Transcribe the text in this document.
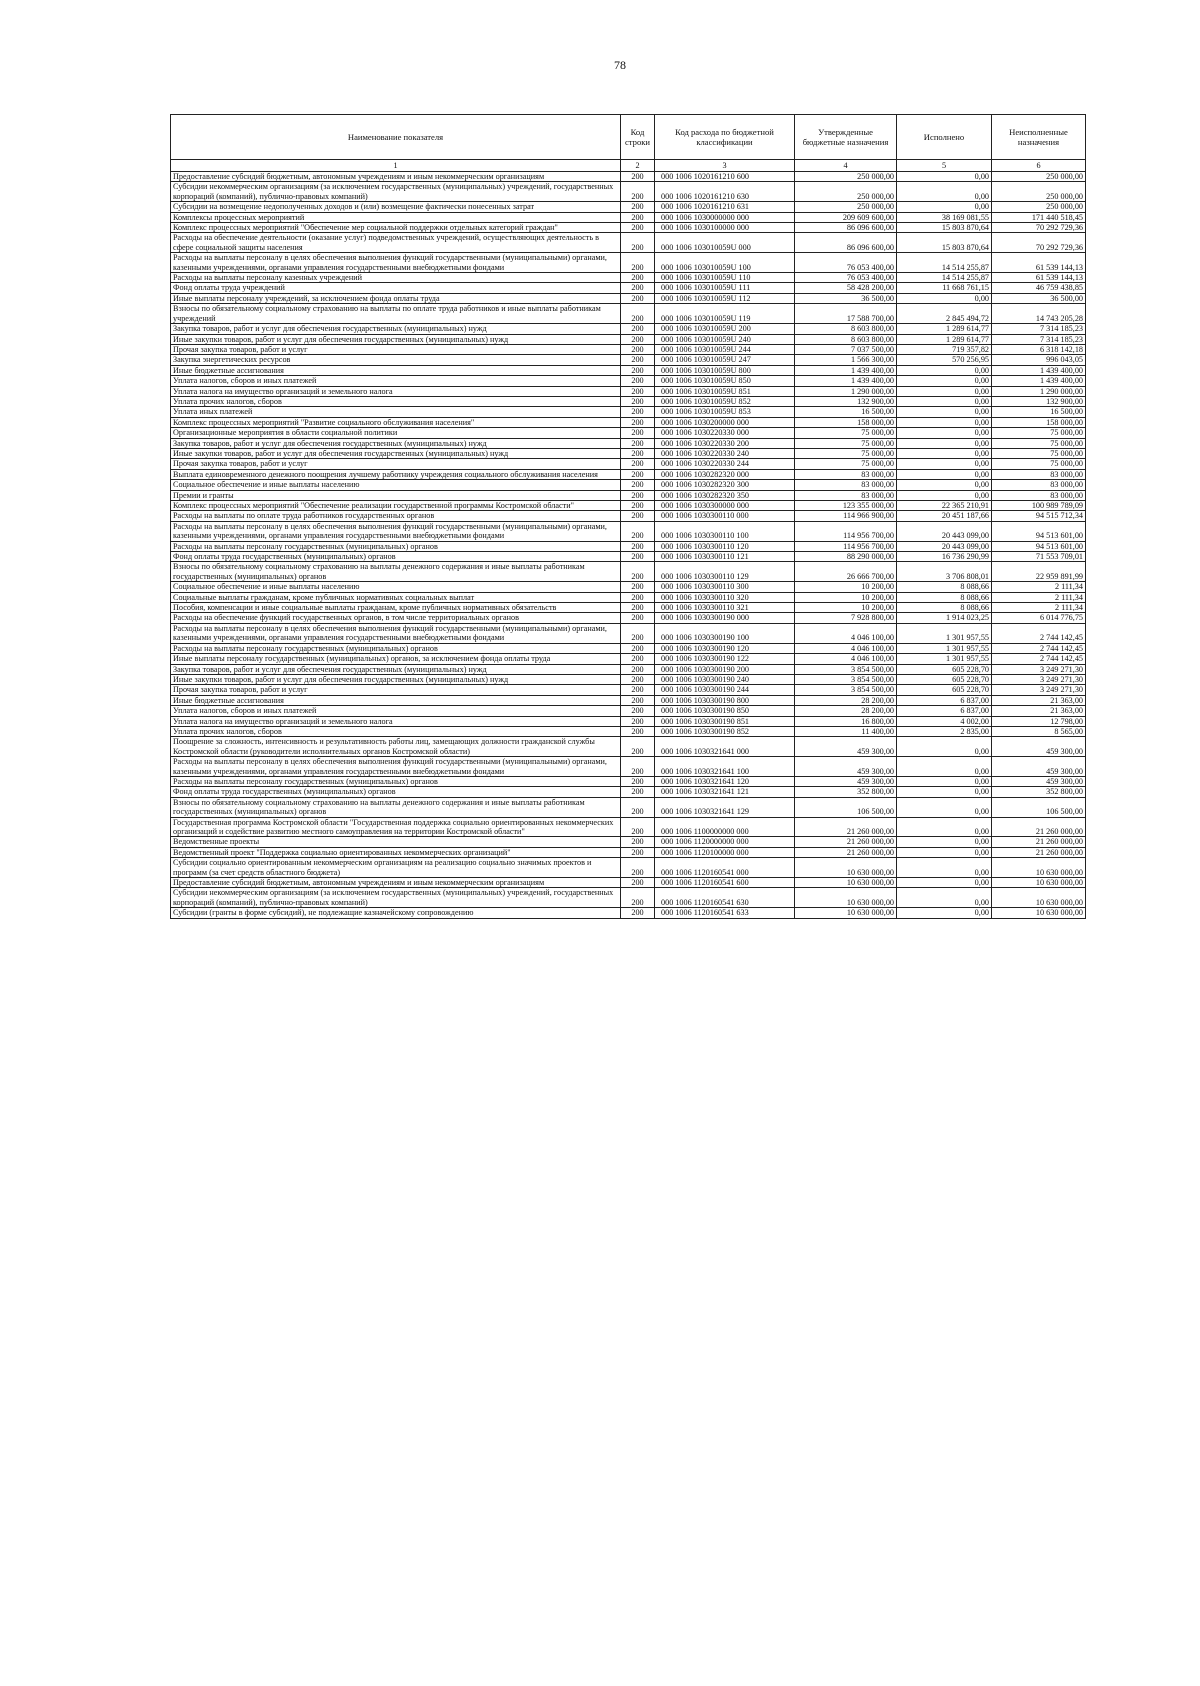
78
Наименование показателя	Код строки	Код расхода по бюджетной классификации	Утвержденные бюджетные назначения	Исполнено	Неисполненные назначения
1	2	3	4	5	6
Предоставление субсидий бюджетным, автономным учреждениям и иным некоммерческим организациям	200	000 1006 1020161210 600	250 000,00	0,00	250 000,00
Субсидии некоммерческим организациям (за исключением государственных (муниципальных) учреждений, государственных корпораций (компаний), публично-правовых компаний)	200	000 1006 1020161210 630	250 000,00	0,00	250 000,00
Субсидии на возмещение недополученных доходов и (или) возмещение фактически понесенных затрат	200	000 1006 1020161210 631	250 000,00	0,00	250 000,00
Комплексы процессных мероприятий	200	000 1006 1030000000 000	209 609 600,00	38 169 081,55	171 440 518,45
Комплекс процессных мероприятий "Обеспечение мер социальной поддержки отдельных категорий граждан"	200	000 1006 1030100000 000	86 096 600,00	15 803 870,64	70 292 729,36
Расходы на обеспечение деятельности (оказание услуг) подведомственных учреждений, осуществляющих деятельность в сфере социальной защиты населения	200	000 1006 103010059U 000	86 096 600,00	15 803 870,64	70 292 729,36
Расходы на выплаты персоналу в целях обеспечения выполнения функций государственными (муниципальными) органами, казенными учреждениями, органами управления государственными внебюджетными фондами	200	000 1006 103010059U 100	76 053 400,00	14 514 255,87	61 539 144,13
Расходы на выплаты персоналу казенных учреждений	200	000 1006 103010059U 110	76 053 400,00	14 514 255,87	61 539 144,13
Фонд оплаты труда учреждений	200	000 1006 103010059U 111	58 428 200,00	11 668 761,15	46 759 438,85
Иные выплаты персоналу учреждений, за исключением фонда оплаты труда	200	000 1006 103010059U 112	36 500,00	0,00	36 500,00
Взносы по обязательному социальному страхованию на выплаты по оплате труда работников и иные выплаты работникам учреждений	200	000 1006 103010059U 119	17 588 700,00	2 845 494,72	14 743 205,28
Закупка товаров, работ и услуг для обеспечения государственных (муниципальных) нужд	200	000 1006 103010059U 200	8 603 800,00	1 289 614,77	7 314 185,23
Иные закупки товаров, работ и услуг для обеспечения государственных (муниципальных) нужд	200	000 1006 103010059U 240	8 603 800,00	1 289 614,77	7 314 185,23
Прочая закупка товаров, работ и услуг	200	000 1006 103010059U 244	7 037 500,00	719 357,82	6 318 142,18
Закупка энергетических ресурсов	200	000 1006 103010059U 247	1 566 300,00	570 256,95	996 043,05
Иные бюджетные ассигнования	200	000 1006 103010059U 800	1 439 400,00	0,00	1 439 400,00
Уплата налогов, сборов и иных платежей	200	000 1006 103010059U 850	1 439 400,00	0,00	1 439 400,00
Уплата налога на имущество организаций и земельного налога	200	000 1006 103010059U 851	1 290 000,00	0,00	1 290 000,00
Уплата прочих налогов, сборов	200	000 1006 103010059U 852	132 900,00	0,00	132 900,00
Уплата иных платежей	200	000 1006 103010059U 853	16 500,00	0,00	16 500,00
Комплекс процессных мероприятий "Развитие социального обслуживания населения"	200	000 1006 1030200000 000	158 000,00	0,00	158 000,00
Организационные мероприятия в области социальной политики	200	000 1006 1030220330 000	75 000,00	0,00	75 000,00
Закупка товаров, работ и услуг для обеспечения государственных (муниципальных) нужд	200	000 1006 1030220330 200	75 000,00	0,00	75 000,00
Иные закупки товаров, работ и услуг для обеспечения государственных (муниципальных) нужд	200	000 1006 1030220330 240	75 000,00	0,00	75 000,00
Прочая закупка товаров, работ и услуг	200	000 1006 1030220330 244	75 000,00	0,00	75 000,00
Выплата единовременного денежного поощрения лучшему работнику учреждения социального обслуживания населения	200	000 1006 1030282320 000	83 000,00	0,00	83 000,00
Социальное обеспечение и иные выплаты населению	200	000 1006 1030282320 300	83 000,00	0,00	83 000,00
Премии и гранты	200	000 1006 1030282320 350	83 000,00	0,00	83 000,00
Комплекс процессных мероприятий "Обеспечение реализации государственной программы Костромской области"	200	000 1006 1030300000 000	123 355 000,00	22 365 210,91	100 989 789,09
Расходы на выплаты по оплате труда работников государственных органов	200	000 1006 1030300110 000	114 966 900,00	20 451 187,66	94 515 712,34
Расходы на выплаты персоналу в целях обеспечения выполнения функций государственными (муниципальными) органами, казенными учреждениями, органами управления государственными внебюджетными фондами	200	000 1006 1030300110 100	114 956 700,00	20 443 099,00	94 513 601,00
Расходы на выплаты персоналу государственных (муниципальных) органов	200	000 1006 1030300110 120	114 956 700,00	20 443 099,00	94 513 601,00
Фонд оплаты труда государственных (муниципальных) органов	200	000 1006 1030300110 121	88 290 000,00	16 736 290,99	71 553 709,01
Взносы по обязательному социальному страхованию на выплаты денежного содержания и иные выплаты работникам государственных (муниципальных) органов	200	000 1006 1030300110 129	26 666 700,00	3 706 808,01	22 959 891,99
Социальное обеспечение и иные выплаты населению	200	000 1006 1030300110 300	10 200,00	8 088,66	2 111,34
Социальные выплаты гражданам, кроме публичных нормативных социальных выплат	200	000 1006 1030300110 320	10 200,00	8 088,66	2 111,34
Пособия, компенсации и иные социальные выплаты гражданам, кроме публичных нормативных обязательств	200	000 1006 1030300110 321	10 200,00	8 088,66	2 111,34
Расходы на обеспечение функций государственных органов, в том числе территориальных органов	200	000 1006 1030300190 000	7 928 800,00	1 914 023,25	6 014 776,75
Расходы на выплаты персоналу в целях обеспечения выполнения функций государственными (муниципальными) органами, казенными учреждениями, органами управления государственными внебюджетными фондами	200	000 1006 1030300190 100	4 046 100,00	1 301 957,55	2 744 142,45
Расходы на выплаты персоналу государственных (муниципальных) органов	200	000 1006 1030300190 120	4 046 100,00	1 301 957,55	2 744 142,45
Иные выплаты персоналу государственных (муниципальных) органов, за исключением фонда оплаты труда	200	000 1006 1030300190 122	4 046 100,00	1 301 957,55	2 744 142,45
Закупка товаров, работ и услуг для обеспечения государственных (муниципальных) нужд	200	000 1006 1030300190 200	3 854 500,00	605 228,70	3 249 271,30
Иные закупки товаров, работ и услуг для обеспечения государственных (муниципальных) нужд	200	000 1006 1030300190 240	3 854 500,00	605 228,70	3 249 271,30
Прочая закупка товаров, работ и услуг	200	000 1006 1030300190 244	3 854 500,00	605 228,70	3 249 271,30
Иные бюджетные ассигнования	200	000 1006 1030300190 800	28 200,00	6 837,00	21 363,00
Уплата налогов, сборов и иных платежей	200	000 1006 1030300190 850	28 200,00	6 837,00	21 363,00
Уплата налога на имущество организаций и земельного налога	200	000 1006 1030300190 851	16 800,00	4 002,00	12 798,00
Уплата прочих налогов, сборов	200	000 1006 1030300190 852	11 400,00	2 835,00	8 565,00
Поощрение за сложность, интенсивность и результативность работы лиц, замещающих должности гражданской службы Костромской области (руководители исполнительных органов Костромской области)	200	000 1006 1030321641 000	459 300,00	0,00	459 300,00
Расходы на выплаты персоналу в целях обеспечения выполнения функций государственными (муниципальными) органами, казенными учреждениями, органами управления государственными внебюджетными фондами	200	000 1006 1030321641 100	459 300,00	0,00	459 300,00
Расходы на выплаты персоналу государственных (муниципальных) органов	200	000 1006 1030321641 120	459 300,00	0,00	459 300,00
Фонд оплаты труда государственных (муниципальных) органов	200	000 1006 1030321641 121	352 800,00	0,00	352 800,00
Взносы по обязательному социальному страхованию на выплаты денежного содержания и иные выплаты работникам государственных (муниципальных) органов	200	000 1006 1030321641 129	106 500,00	0,00	106 500,00
Государственная программа Костромской области "Государственная поддержка социально ориентированных некоммерческих организаций и содействие развитию местного самоуправления на территории Костромской области"	200	000 1006 1100000000 000	21 260 000,00	0,00	21 260 000,00
Ведомственные проекты	200	000 1006 1120000000 000	21 260 000,00	0,00	21 260 000,00
Ведомственный проект "Поддержка социально ориентированных некоммерческих организаций"	200	000 1006 1120100000 000	21 260 000,00	0,00	21 260 000,00
Субсидии социально ориентированным некоммерческим организациям на реализацию социально значимых проектов и программ (за счет средств областного бюджета)	200	000 1006 1120160541 000	10 630 000,00	0,00	10 630 000,00
Предоставление субсидий бюджетным, автономным учреждениям и иным некоммерческим организациям	200	000 1006 1120160541 600	10 630 000,00	0,00	10 630 000,00
Субсидии некоммерческим организациям (за исключением государственных (муниципальных) учреждений, государственных корпораций (компаний), публично-правовых компаний)	200	000 1006 1120160541 630	10 630 000,00	0,00	10 630 000,00
Субсидии (гранты в форме субсидий), не подлежащие казначейскому сопровождению	200	000 1006 1120160541 633	10 630 000,00	0,00	10 630 000,00
